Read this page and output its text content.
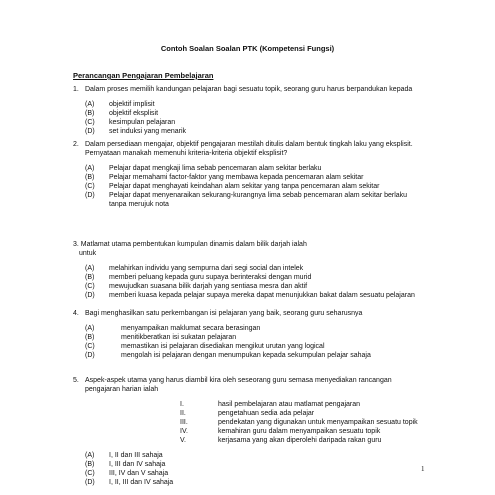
Contoh Soalan Soalan PTK (Kompetensi Fungsi)
Perancangan Pengajaran Pembelajaran
1. Dalam proses memilih kandungan pelajaran bagi sesuatu topik, seorang guru harus berpandukan kepada
(A) objektif implisit
(B) objektif eksplisit
(C) kesimpulan pelajaran
(D) set induksi yang menarik
2. Dalam persediaan mengajar, objektif pengajaran mestilah ditulis dalam bentuk tingkah laku yang eksplisit.
Pernyataan manakah memenuhi kriteria-kriteria objektif eksplisit?
(A) Pelajar dapat mengkaji lima sebab pencemaran alam sekitar berlaku
(B) Pelajar memahami factor-faktor yang membawa kepada pencemaran alam sekitar
(C) Pelajar dapat menghayati keindahan alam sekitar yang tanpa pencemaran alam sekitar
(D) Pelajar dapat menyenaraikan sekurang-kurangnya lima sebab pencemaran alam sekitar berlaku tanpa merujuk nota
3. Matlamat utama pembentukan kumpulan dinamis dalam bilik darjah ialah
untuk
(A) melahirkan individu yang sempurna dari segi social dan intelek
(B) memberi peluang kepada guru supaya berinteraksi dengan murid
(C) mewujudkan suasana bilik darjah yang sentiasa mesra dan aktif
(D) memberi kuasa kepada pelajar supaya mereka dapat menunjukkan bakat dalam sesuatu pelajaran
4. Bagi menghasilkan satu perkembangan isi pelajaran yang baik, seorang guru seharusnya
(A)	menyampaikan maklumat secara berasingan
(B)	menitikberatkan isi sukatan pelajaran
(C)	memastikan isi pelajaran disediakan mengikut urutan yang logical
(D)	mengolah isi pelajaran dengan menumpukan kepada sekumpulan pelajar sahaja
5. Aspek-aspek utama yang harus diambil kira oleh seseorang guru semasa menyediakan rancangan pengajaran harian ialah
I.	hasil pembelajaran atau matlamat pengajaran
II.	pengetahuan sedia ada pelajar
III.	pendekatan yang digunakan untuk menyampaikan sesuatu topik
IV.	kemahiran guru dalam menyampaikan sesuatu topik
V.	kerjasama yang akan diperolehi daripada rakan guru
(A) I, II dan III sahaja
(B) I, III dan IV sahaja
(C) III, IV dan V sahaja
(D) I, II, III dan IV sahaja
1
